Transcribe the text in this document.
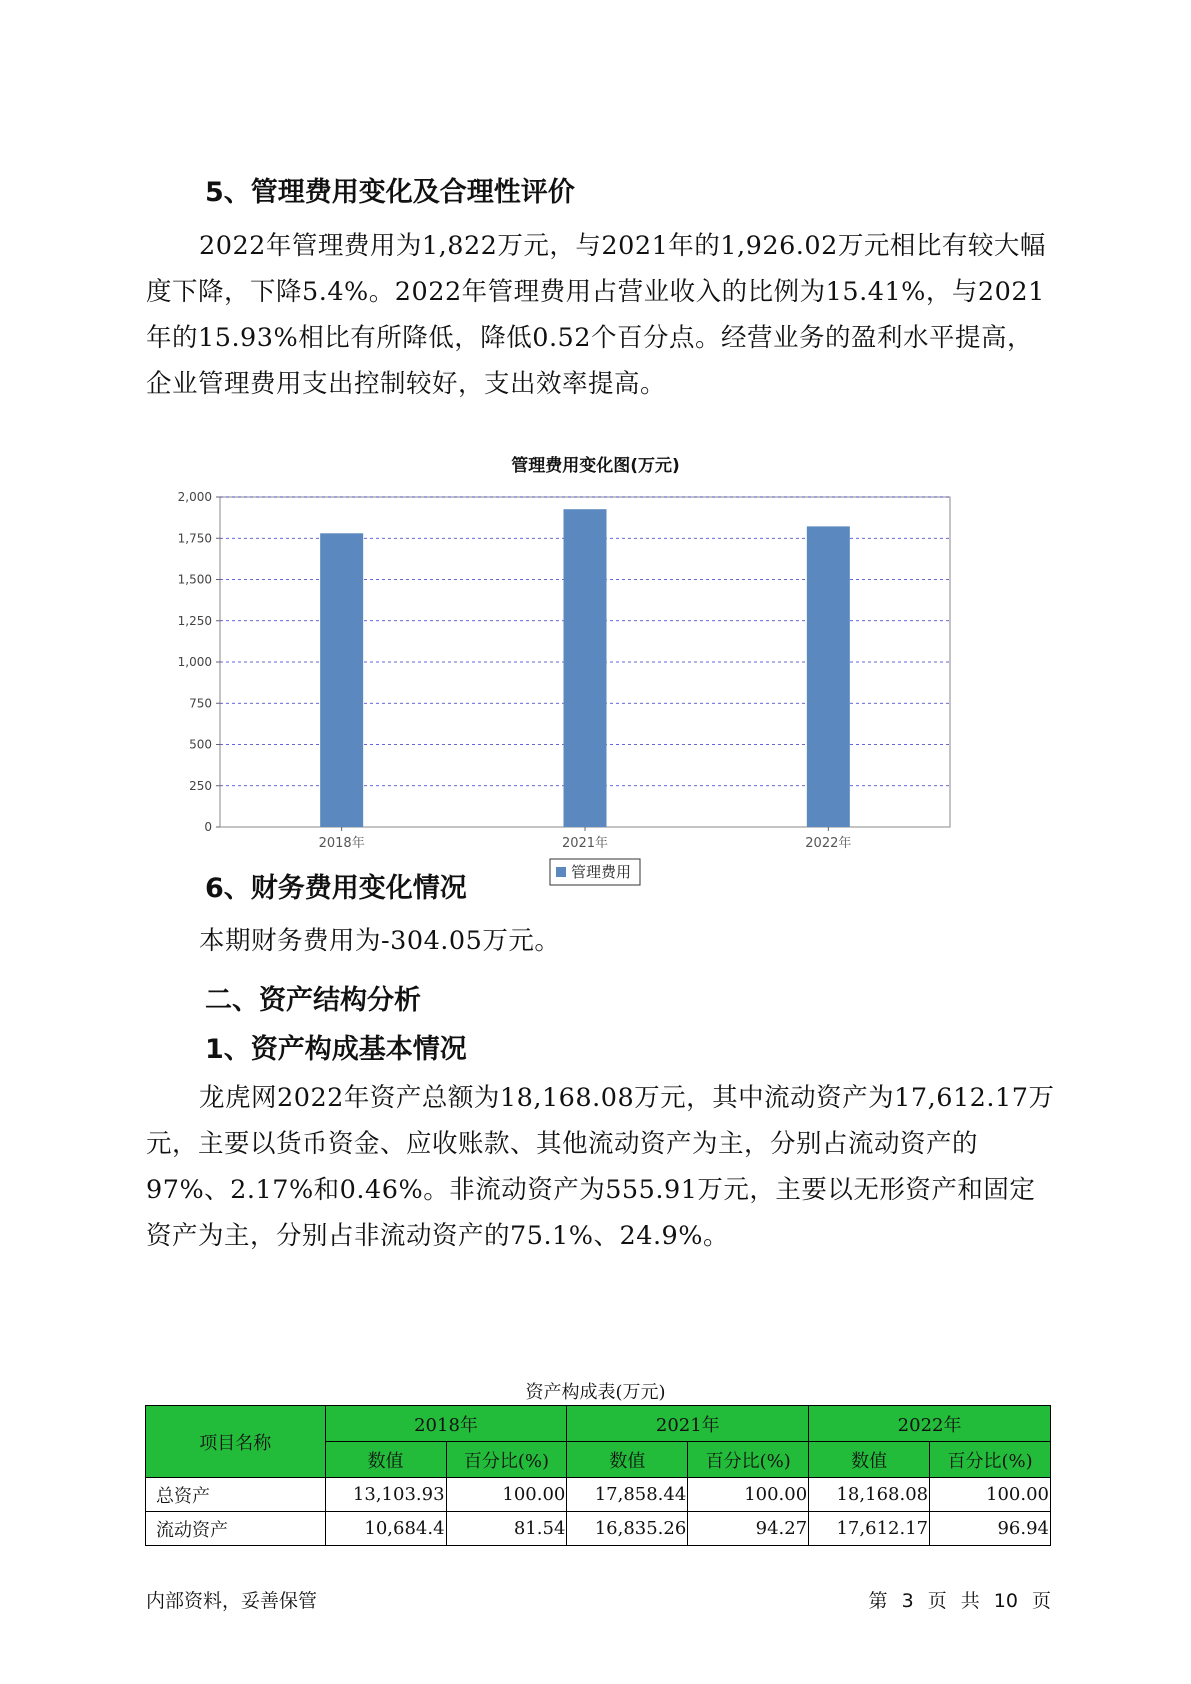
5、管理费用变化及合理性评价

2022年管理费用为1,822万元，与2021年的1,926.02万元相比有较大幅度下降，下降5.4%。2022年管理费用占营业收入的比例为15.41%，与2021年的15.93%相比有所降低，降低0.52个百分点。经营业务的盈利水平提高，企业管理费用支出控制较好，支出效率提高。

管理费用变化图(万元)
0
250
500
750
1,000
1,250
1,500
1,750
2,000
2018年	2021年	2022年
管理费用
6、财务费用变化情况

本期财务费用为-304.05万元。

二、资产结构分析
1、资产构成基本情况

龙虎网2022年资产总额为18,168.08万元，其中流动资产为17,612.17万元，主要以货币资金、应收账款、其他流动资产为主，分别占流动资产的97%、2.17%和0.46%。非流动资产为555.91万元，主要以无形资产和固定资产为主，分别占非流动资产的75.1%、24.9%。

资产构成表(万元)
项目名称	2018年		2021年		2022年	
	数值	百分比(%)	数值	百分比(%)	数值	百分比(%)
总资产	13,103.93	100.00	17,858.44	100.00	18,168.08	100.00
流动资产	10,684.4	81.54	16,835.26	94.27	17,612.17	96.94
内部资料，妥善保管	第 3 页 共 10 页
